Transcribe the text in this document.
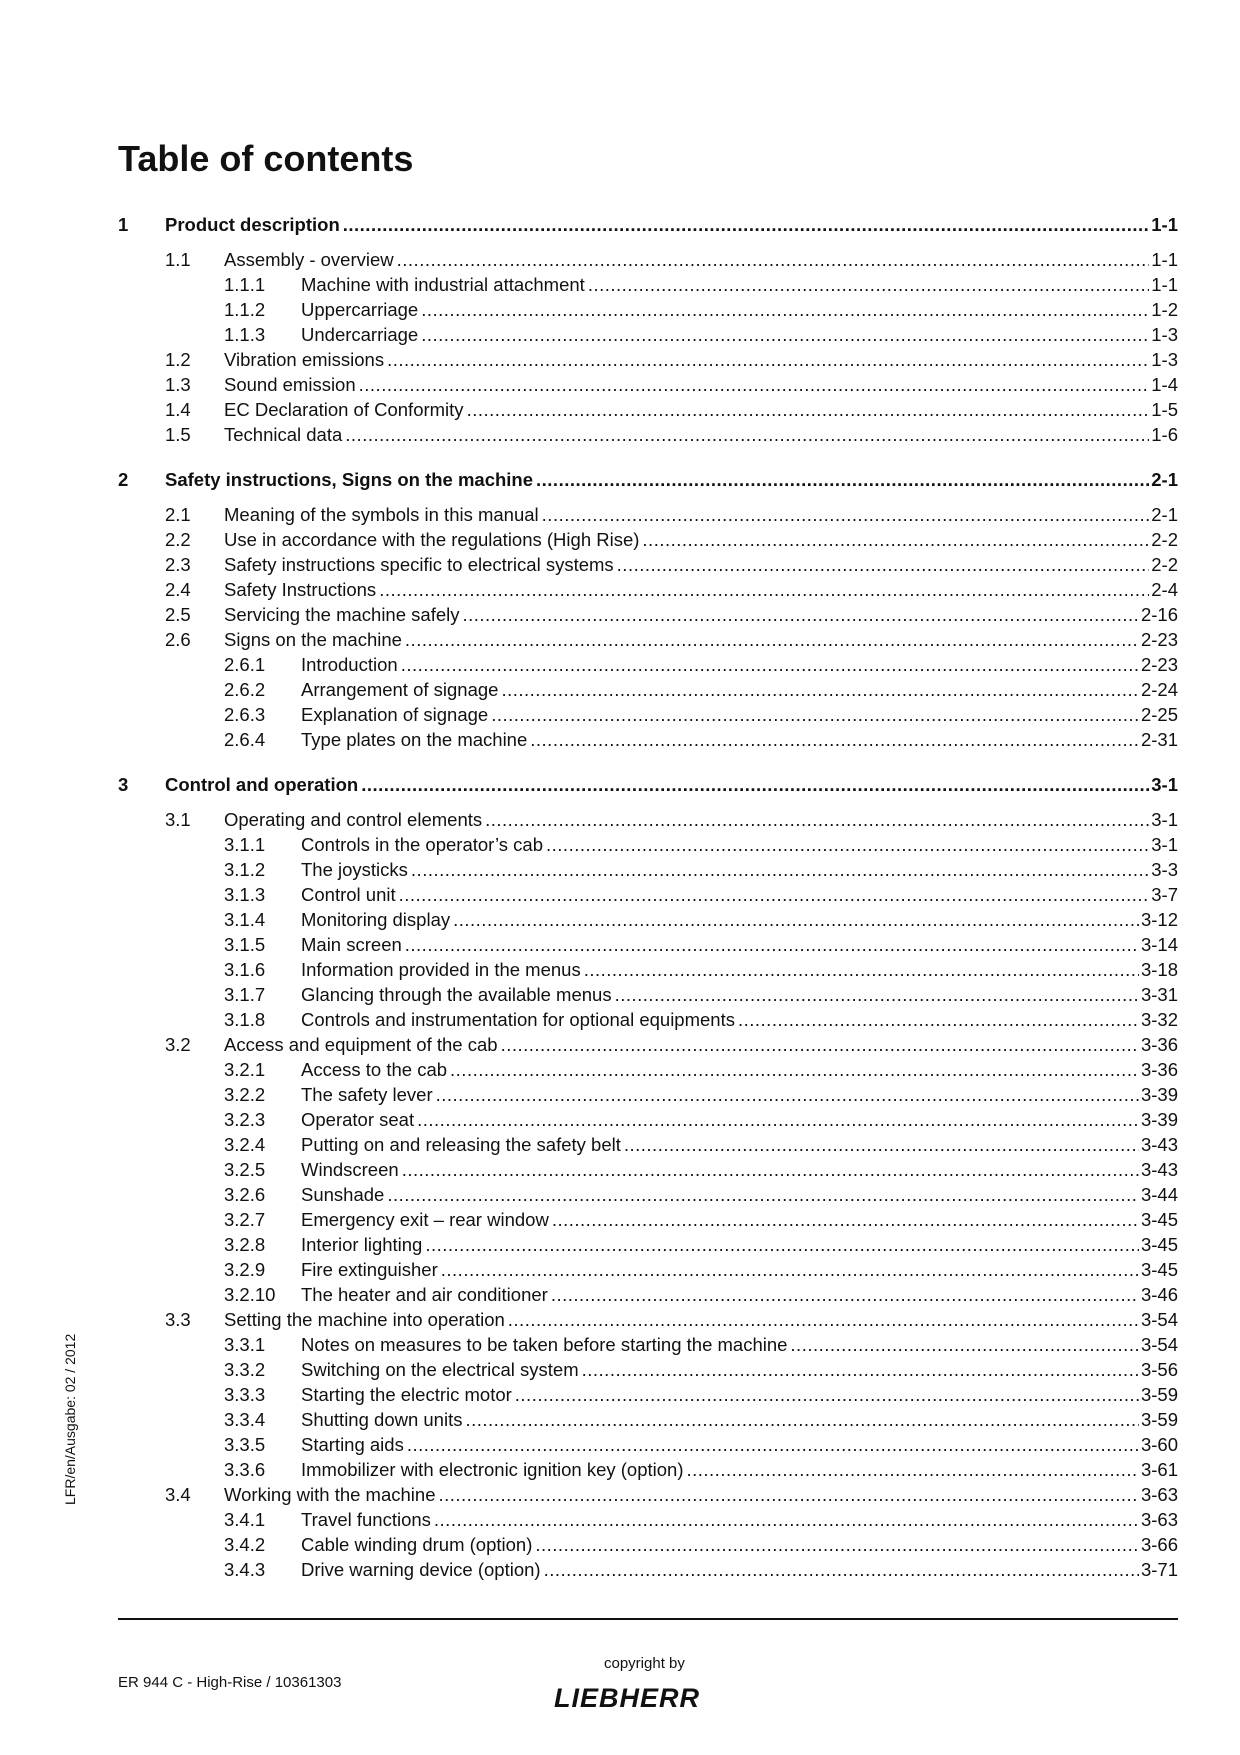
Table of contents
1 Product description .....	1-1
1.1 Assembly - overview .....	1-1
1.1.1 Machine with industrial attachment .....	1-1
1.1.2 Uppercarriage .....	1-2
1.1.3 Undercarriage .....	1-3
1.2 Vibration emissions .....	1-3
1.3 Sound emission .....	1-4
1.4 EC Declaration of Conformity .....	1-5
1.5 Technical data .....	1-6
2 Safety instructions, Signs on the machine .....	2-1
2.1 Meaning of the symbols in this manual .....	2-1
2.2 Use in accordance with the regulations (High Rise) .....	2-2
2.3 Safety instructions specific to electrical systems .....	2-2
2.4 Safety Instructions .....	2-4
2.5 Servicing the machine safely .....	2-16
2.6 Signs on the machine .....	2-23
2.6.1 Introduction .....	2-23
2.6.2 Arrangement of signage .....	2-24
2.6.3 Explanation of signage .....	2-25
2.6.4 Type plates on the machine .....	2-31
3 Control and operation .....	3-1
3.1 Operating and control elements .....	3-1
3.1.1 Controls in the operator’s cab .....	3-1
3.1.2 The joysticks .....	3-3
3.1.3 Control unit .....	3-7
3.1.4 Monitoring display .....	3-12
3.1.5 Main screen .....	3-14
3.1.6 Information provided in the menus .....	3-18
3.1.7 Glancing through the available menus .....	3-31
3.1.8 Controls and instrumentation for optional equipments .....	3-32
3.2 Access and equipment of the cab .....	3-36
3.2.1 Access to the cab .....	3-36
3.2.2 The safety lever .....	3-39
3.2.3 Operator seat .....	3-39
3.2.4 Putting on and releasing the safety belt .....	3-43
3.2.5 Windscreen .....	3-43
3.2.6 Sunshade .....	3-44
3.2.7 Emergency exit – rear window .....	3-45
3.2.8 Interior lighting .....	3-45
3.2.9 Fire extinguisher .....	3-45
3.2.10 The heater and air conditioner .....	3-46
3.3 Setting the machine into operation .....	3-54
3.3.1 Notes on measures to be taken before starting the machine .....	3-54
3.3.2 Switching on the electrical system .....	3-56
3.3.3 Starting the electric motor .....	3-59
3.3.4 Shutting down units .....	3-59
3.3.5 Starting aids .....	3-60
3.3.6 Immobilizer with electronic ignition key (option) .....	3-61
3.4 Working with the machine .....	3-63
3.4.1 Travel functions .....	3-63
3.4.2 Cable winding drum (option) .....	3-66
3.4.3 Drive warning device (option) .....	3-71
LFR/en/Ausgabe: 02 / 2012
ER 944 C - High-Rise / 10361303
copyright by
LIEBHERR
